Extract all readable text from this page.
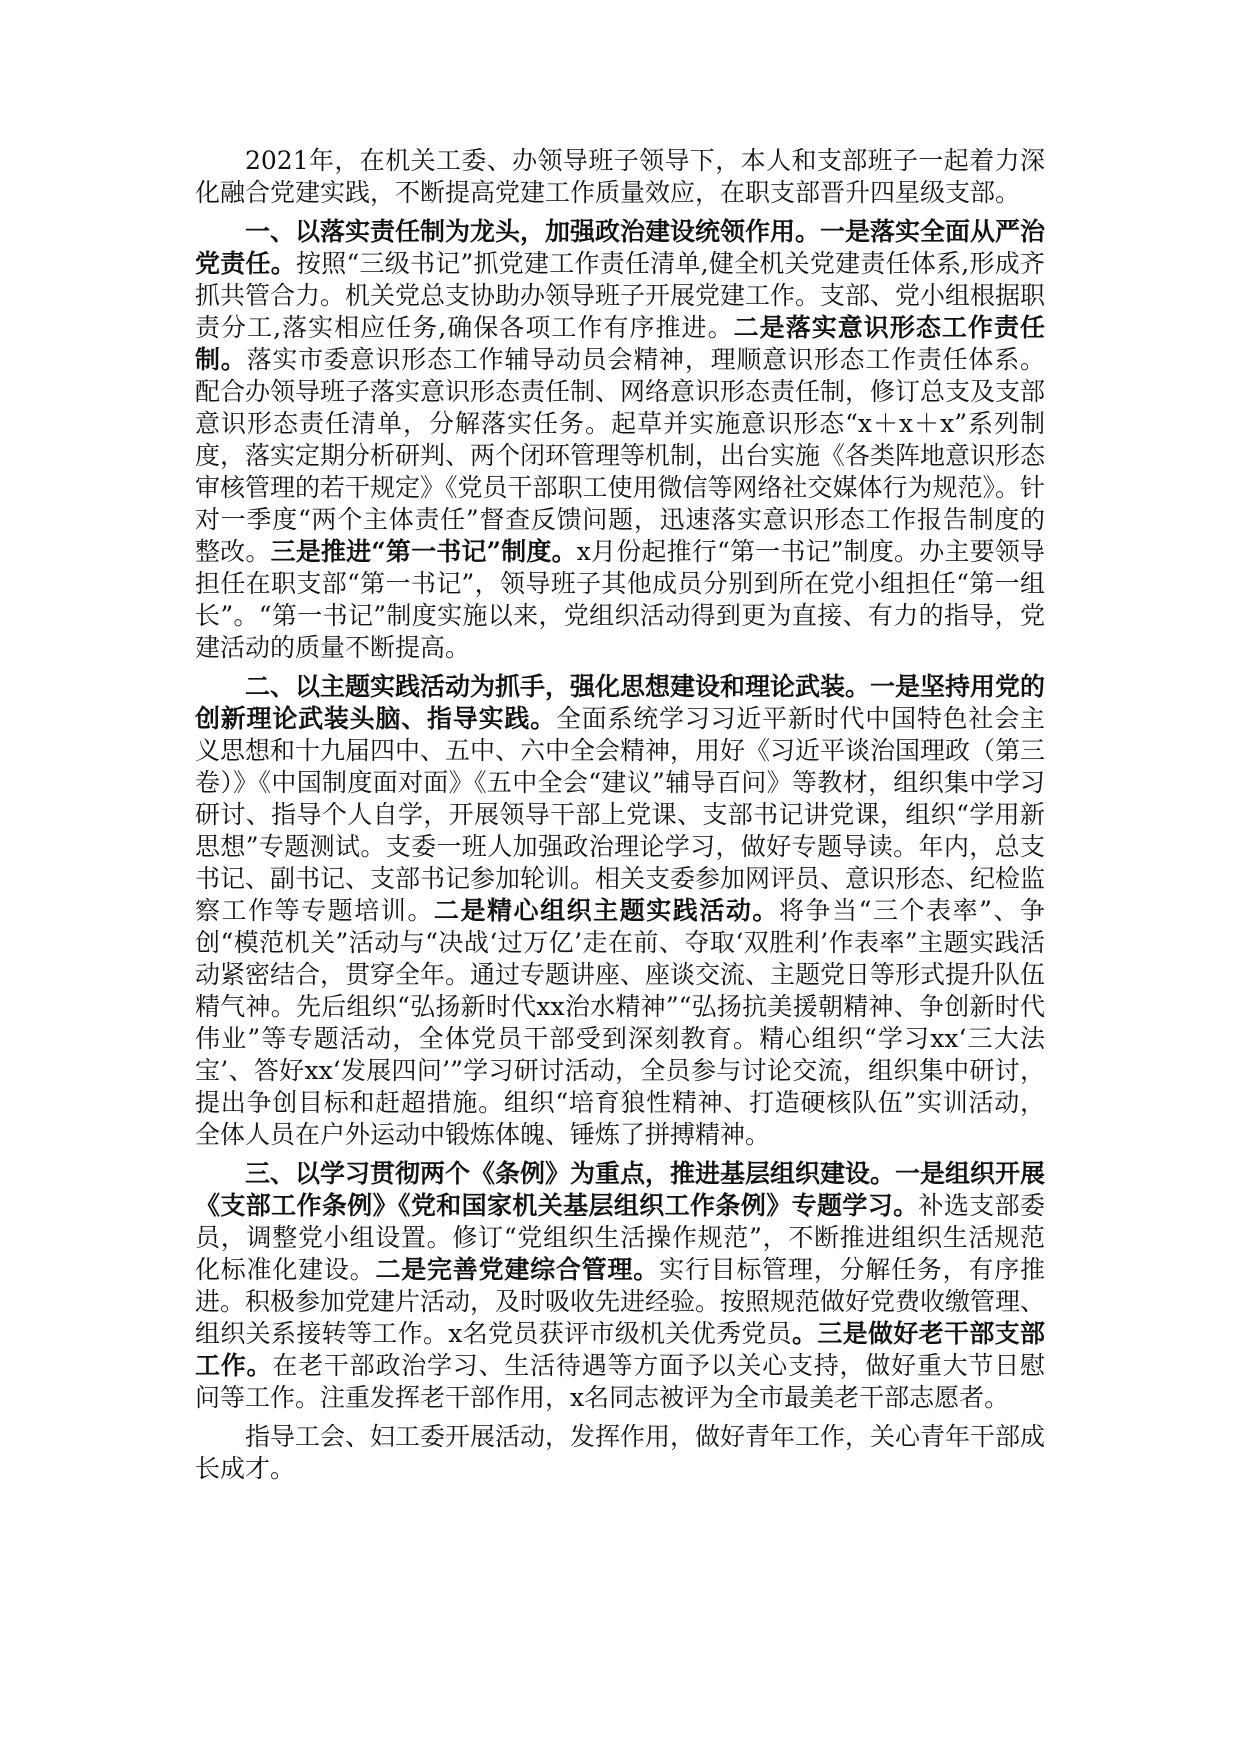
2021年，在机关工委、办领导班子领导下，本人和支部班子一起着力深化融合党建实践，不断提高党建工作质量效应，在职支部晋升四星级支部。

一、以落实责任制为龙头，加强政治建设统领作用。一是落实全面从严治党责任。按照“三级书记”抓党建工作责任清单,健全机关党建责任体系,形成齐抓共管合力。机关党总支协助办领导班子开展党建工作。支部、党小组根据职责分工,落实相应任务,确保各项工作有序推进。二是落实意识形态工作责任制。落实市委意识形态工作辅导动员会精神，理顺意识形态工作责任体系。配合办领导班子落实意识形态责任制、网络意识形态责任制，修订总支及支部意识形态责任清单，分解落实任务。起草并实施意识形态“x＋x＋x”系列制度，落实定期分析研判、两个闭环管理等机制，出台实施《各类阵地意识形态审核管理的若干规定》《党员干部职工使用微信等网络社交媒体行为规范》。针对一季度“两个主体责任”督查反馈问题，迅速落实意识形态工作报告制度的整改。三是推进“第一书记”制度。x月份起推行“第一书记”制度。办主要领导担任在职支部“第一书记”，领导班子其他成员分别到所在党小组担任“第一组长”。“第一书记”制度实施以来，党组织活动得到更为直接、有力的指导，党建活动的质量不断提高。

二、以主题实践活动为抓手，强化思想建设和理论武装。一是坚持用党的创新理论武装头脑、指导实践。全面系统学习习近平新时代中国特色社会主义思想和十九届四中、五中、六中全会精神，用好《习近平谈治国理政（第三卷）》《中国制度面对面》《五中全会“建议”辅导百问》等教材，组织集中学习研讨、指导个人自学，开展领导干部上党课、支部书记讲党课，组织“学用新思想”专题测试。支委一班人加强政治理论学习，做好专题导读。年内，总支书记、副书记、支部书记参加轮训。相关支委参加网评员、意识形态、纪检监察工作等专题培训。二是精心组织主题实践活动。将争当“三个表率”、争创“模范机关”活动与“决战‘过万亿’走在前、夺取‘双胜利’作表率”主题实践活动紧密结合，贯穿全年。通过专题讲座、座谈交流、主题党日等形式提升队伍精气神。先后组织“弘扬新时代xx治水精神”“弘扬抗美援朝精神、争创新时代伟业”等专题活动，全体党员干部受到深刻教育。精心组织“学习xx‘三大法宝’、答好xx‘发展四问’”学习研讨活动，全员参与讨论交流，组织集中研讨，提出争创目标和赶超措施。组织“培育狼性精神、打造硬核队伍”实训活动，全体人员在户外运动中锻炼体魄、锤炼了拼搏精神。

三、以学习贯彻两个《条例》为重点，推进基层组织建设。一是组织开展《支部工作条例》《党和国家机关基层组织工作条例》专题学习。补选支部委员，调整党小组设置。修订“党组织生活操作规范”，不断推进组织生活规范化标准化建设。二是完善党建综合管理。实行目标管理，分解任务，有序推进。积极参加党建片活动，及时吸收先进经验。按照规范做好党费收缴管理、组织关系接转等工作。x名党员获评市级机关优秀党员。三是做好老干部支部工作。在老干部政治学习、生活待遇等方面予以关心支持，做好重大节日慰问等工作。注重发挥老干部作用，x名同志被评为全市最美老干部志愿者。

指导工会、妇工委开展活动，发挥作用，做好青年工作，关心青年干部成长成才。
